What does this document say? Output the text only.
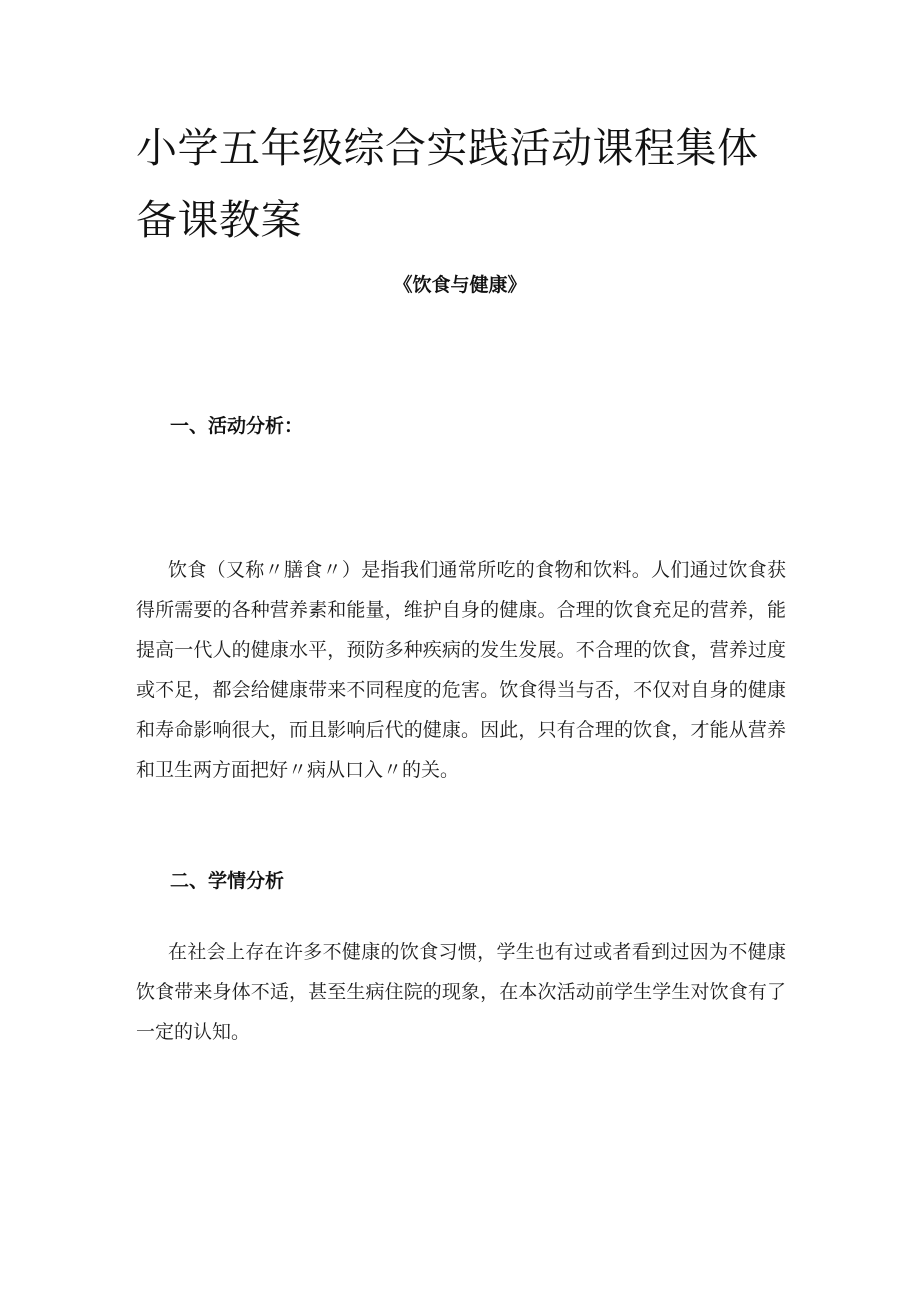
小学五年级综合实践活动课程集体备课教案
《饮食与健康》
一、活动分析：

饮食（又称〃膳食〃）是指我们通常所吃的食物和饮料。人们通过饮食获得所需要的各种营养素和能量，维护自身的健康。合理的饮食充足的营养，能提高一代人的健康水平，预防多种疾病的发生发展。不合理的饮食，营养过度或不足，都会给健康带来不同程度的危害。饮食得当与否，不仅对自身的健康和寿命影响很大，而且影响后代的健康。因此，只有合理的饮食，才能从营养和卫生两方面把好〃病从口入〃的关。

二、学情分析

在社会上存在许多不健康的饮食习惯，学生也有过或者看到过因为不健康饮食带来身体不适，甚至生病住院的现象，在本次活动前学生学生对饮食有了一定的认知。
